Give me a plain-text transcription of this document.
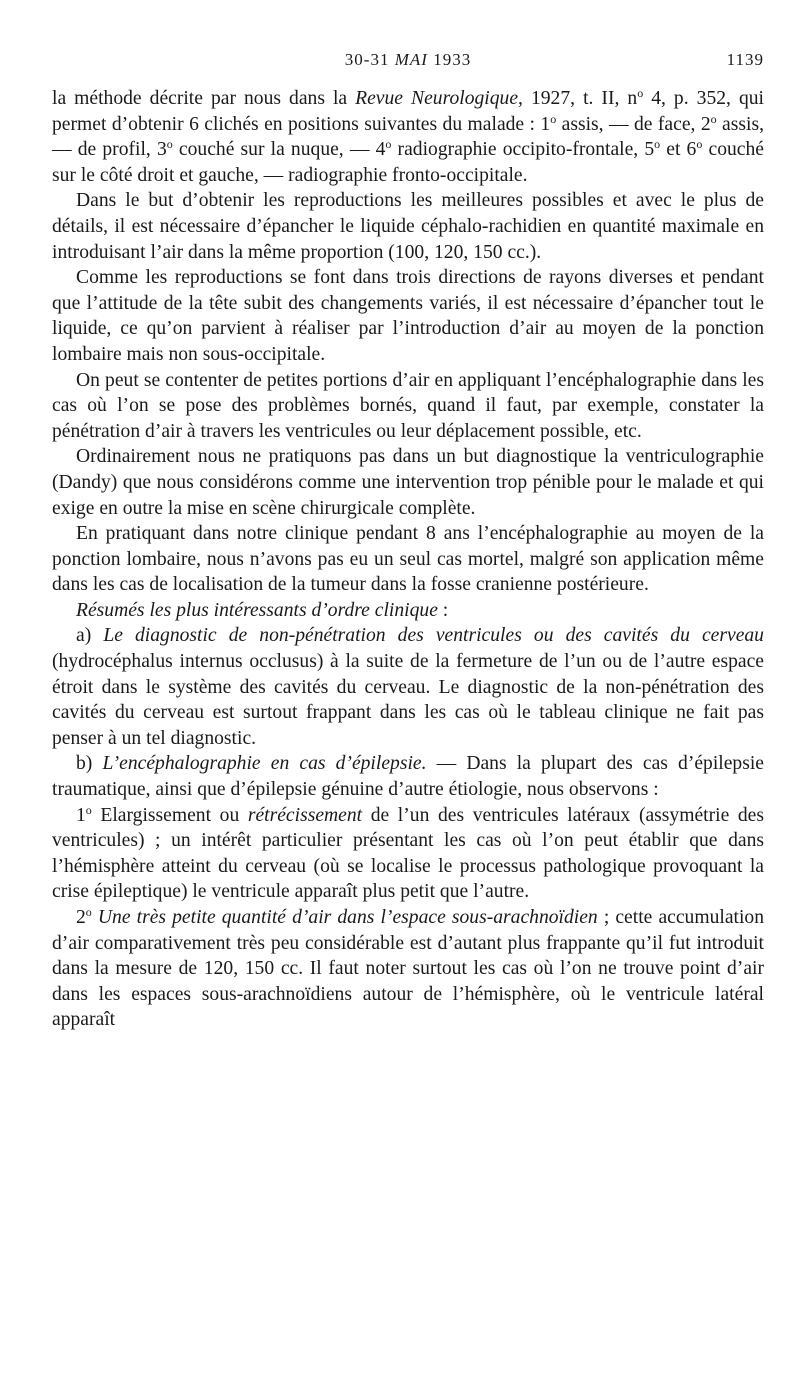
30-31 MAI 1933	1139

la méthode décrite par nous dans la Revue Neurologique, 1927, t. II, $n^o$ 4, p. 352, qui permet d’obtenir 6 clichés en positions suivantes du malade : 1$^o$ assis, — de face, 2$^o$ assis, — de profil, 3$^o$ couché sur la nuque, — 4$^o$ radiographie occipito-frontale, 5$^o$ et 6$^o$ couché sur le côté droit et gauche, — radiographie fronto-occipitale.

Dans le but d’obtenir les reproductions les meilleures possibles et avec le plus de détails, il est nécessaire d’épancher le liquide céphalo-rachidien en quantité maximale en introduisant l’air dans la même proportion (100, 120, 150 cc.).

Comme les reproductions se font dans trois directions de rayons diverses et pendant que l’attitude de la tête subit des changements variés, il est nécessaire d’épancher tout le liquide, ce qu’on parvient à réaliser par l’introduction d’air au moyen de la ponction lombaire mais non sous-occipitale.

On peut se contenter de petites portions d’air en appliquant l’encéphalographie dans les cas où l’on se pose des problèmes bornés, quand il faut, par exemple, constater la pénétration d’air à travers les ventricules ou leur déplacement possible, etc.

Ordinairement nous ne pratiquons pas dans un but diagnostique la ventriculographie (Dandy) que nous considérons comme une intervention trop pénible pour le malade et qui exige en outre la mise en scène chirurgicale complète.

En pratiquant dans notre clinique pendant 8 ans l’encéphalographie au moyen de la ponction lombaire, nous n’avons pas eu un seul cas mortel, malgré son application même dans les cas de localisation de la tumeur dans la fosse cranienne postérieure.

Résumés les plus intéressants d’ordre clinique :

a) Le diagnostic de non-pénétration des ventricules ou des cavités du cerveau (hydrocéphalus internus occlusus) à la suite de la fermeture de l’un ou de l’autre espace étroit dans le système des cavités du cerveau. Le diagnostic de la non-pénétration des cavités du cerveau est surtout frappant dans les cas où le tableau clinique ne fait pas penser à un tel diagnostic.

b) L’encéphalographie en cas d’épilepsie. — Dans la plupart des cas d’épilepsie traumatique, ainsi que d’épilepsie génuine d’autre étiologie, nous observons :

1$^o$ Elargissement ou rétrécissement de l’un des ventricules latéraux (assymétrie des ventricules) ; un intérêt particulier présentant les cas où l’on peut établir que dans l’hémisphère atteint du cerveau (où se localise le processus pathologique provoquant la crise épileptique) le ventricule apparaît plus petit que l’autre.

2$^o$ Une très petite quantité d’air dans l’espace sous-arachnoïdien ; cette accumulation d’air comparativement très peu considérable est d’autant plus frappante qu’il fut introduit dans la mesure de 120, 150 cc. Il faut noter surtout les cas où l’on ne trouve point d’air dans les espaces sous-arachnoïdiens autour de l’hémisphère, où le ventricule latéral apparaît
